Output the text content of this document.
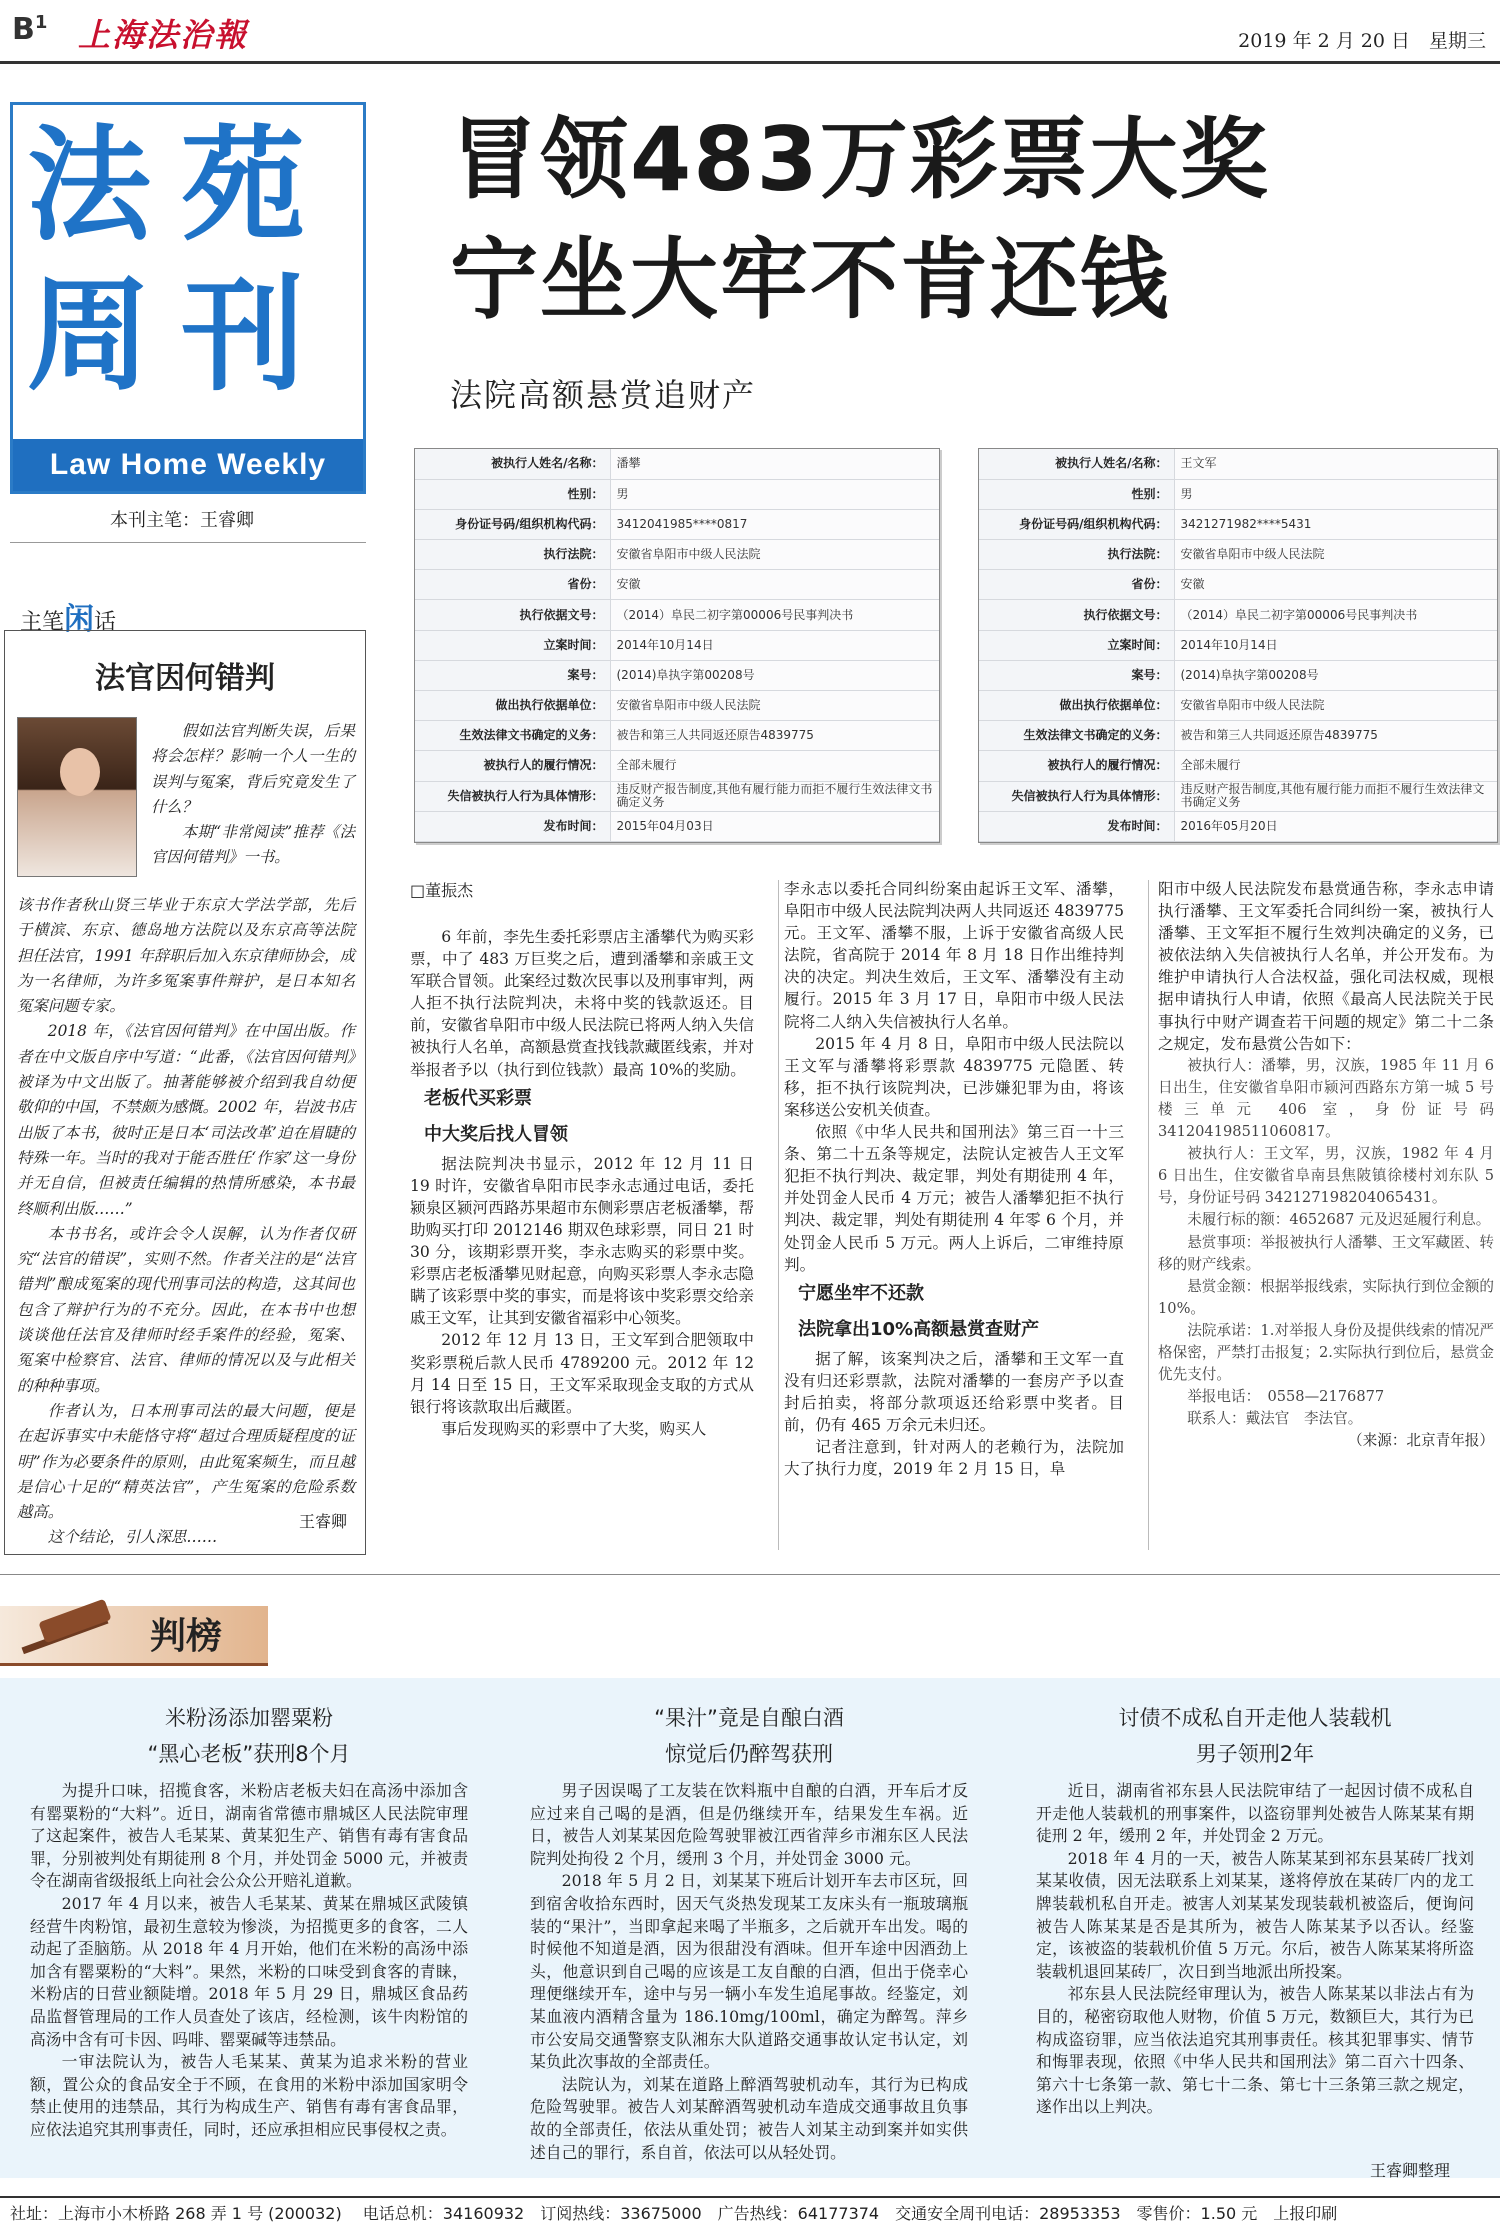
$B^1$ 上海法治報	2019 年 2 月 20 日　星期三
法苑周刊
Law Home Weekly
本刊主笔：王睿卿
冒领483万彩票大奖
宁坐大牢不肯还钱
法院高额悬赏追财产
被执行人姓名/名称：	潘攀
性别：	男
身份证号码/组织机构代码：	3412041985****0817
执行法院：	安徽省阜阳市中级人民法院
省份：	安徽
执行依据文号：	（2014）阜民二初字第00006号民事判决书
立案时间：	2014年10月14日
案号：	(2014)阜执字第00208号
做出执行依据单位：	安徽省阜阳市中级人民法院
生效法律文书确定的义务：	被告和第三人共同返还原告4839775
被执行人的履行情况：	全部未履行
失信被执行人行为具体情形：	违反财产报告制度,其他有履行能力而拒不履行生效法律文书确定义务
发布时间：	2015年04月03日
被执行人姓名/名称：	王文军
性别：	男
身份证号码/组织机构代码：	3421271982****5431
执行法院：	安徽省阜阳市中级人民法院
省份：	安徽
执行依据文号：	（2014）阜民二初字第00006号民事判决书
立案时间：	2014年10月14日
案号：	(2014)阜执字第00208号
做出执行依据单位：	安徽省阜阳市中级人民法院
生效法律文书确定的义务：	被告和第三人共同返还原告4839775
被执行人的履行情况：	全部未履行
失信被执行人行为具体情形：	违反财产报告制度,其他有履行能力而拒不履行生效法律文书确定义务
发布时间：	2016年05月20日
主笔闲话
法官因何错判

假如法官判断失误，后果将会怎样？影响一个人一生的误判与冤案，背后究竟发生了什么？

本期“非常阅读”推荐《法官因何错判》一书。

该书作者秋山贤三毕业于东京大学法学部，先后于横滨、东京、德岛地方法院以及东京高等法院担任法官，1991 年辞职后加入东京律师协会，成为一名律师，为许多冤案事件辩护，是日本知名冤案问题专家。

2018 年，《法官因何错判》在中国出版。作者在中文版自序中写道：“此番，《法官因何错判》被译为中文出版了。抽著能够被介绍到我自幼便敬仰的中国，不禁颇为感慨。2002 年，岩波书店出版了本书，彼时正是日本‘司法改革’迫在眉睫的特殊一年。当时的我对于能否胜任‘作家’这一身份并无自信，但被责任编辑的热情所感染，本书最终顺利出版……”

本书书名，或许会令人误解，认为作者仅研究“法官的错误”，实则不然。作者关注的是“法官错判”酿成冤案的现代刑事司法的构造，这其间也包含了辩护行为的不充分。因此，在本书中也想谈谈他任法官及律师时经手案件的经验，冤案、冤案中检察官、法官、律师的情况以及与此相关的种种事项。

作者认为，日本刑事司法的最大问题，便是在起诉事实中未能恪守将“超过合理质疑程度的证明”作为必要条件的原则，由此冤案频生，而且越是信心十足的“精英法官”，产生冤案的危险系数越高。

这个结论，引人深思……

王睿卿
□董振杰

6 年前，李先生委托彩票店主潘攀代为购买彩票，中了 483 万巨奖之后，遭到潘攀和亲戚王文军联合冒领。此案经过数次民事以及刑事审判，两人拒不执行法院判决，未将中奖的钱款返还。目前，安徽省阜阳市中级人民法院已将两人纳入失信被执行人名单，高额悬赏查找钱款藏匿线索，并对举报者予以（执行到位钱款）最高 10%的奖励。

老板代买彩票
中大奖后找人冒领

据法院判决书显示，2012 年 12 月 11 日 19 时许，安徽省阜阳市民李永志通过电话，委托颍泉区颍河西路苏果超市东侧彩票店老板潘攀，帮助购买打印 2012146 期双色球彩票，同日 21 时 30 分，该期彩票开奖，李永志购买的彩票中奖。彩票店老板潘攀见财起意，向购买彩票人李永志隐瞒了该彩票中奖的事实，而是将该中奖彩票交给亲戚王文军，让其到安徽省福彩中心领奖。

2012 年 12 月 13 日，王文军到合肥领取中奖彩票税后款人民币 4789200 元。2012 年 12 月 14 日至 15 日，王文军采取现金支取的方式从银行将该款取出后藏匿。

事后发现购买的彩票中了大奖，购买人

李永志以委托合同纠纷案由起诉王文军、潘攀，阜阳市中级人民法院判决两人共同返还 4839775 元。王文军、潘攀不服，上诉于安徽省高级人民法院，省高院于 2014 年 8 月 18 日作出维持判决的决定。判决生效后，王文军、潘攀没有主动履行。2015 年 3 月 17 日，阜阳市中级人民法院将二人纳入失信被执行人名单。

2015 年 4 月 8 日，阜阳市中级人民法院以王文军与潘攀将彩票款 4839775 元隐匿、转移，拒不执行该院判决，已涉嫌犯罪为由，将该案移送公安机关侦查。

依照《中华人民共和国刑法》第三百一十三条、第二十五条等规定，法院认定被告人王文军犯拒不执行判决、裁定罪，判处有期徒刑 4 年，并处罚金人民币 4 万元；被告人潘攀犯拒不执行判决、裁定罪，判处有期徒刑 4 年零 6 个月，并处罚金人民币 5 万元。两人上诉后，二审维持原判。

宁愿坐牢不还款
法院拿出10%高额悬赏查财产

据了解，该案判决之后，潘攀和王文军一直没有归还彩票款，法院对潘攀的一套房产予以查封后拍卖，将部分款项返还给彩票中奖者。目前，仍有 465 万余元未归还。

记者注意到，针对两人的老赖行为，法院加大了执行力度，2019 年 2 月 15 日，阜

阳市中级人民法院发布悬赏通告称，李永志申请执行潘攀、王文军委托合同纠纷一案，被执行人潘攀、王文军拒不履行生效判决确定的义务，已被依法纳入失信被执行人名单，并公开发布。为维护申请执行人合法权益，强化司法权威，现根据申请执行人申请，依照《最高人民法院关于民事执行中财产调查若干问题的规定》第二十二条之规定，发布悬赏公告如下：

被执行人：潘攀，男，汉族，1985 年 11 月 6 日出生，住安徽省阜阳市颍河西路东方第一城 5 号楼三单元 406 室，身份证号码 341204198511060817。

被执行人：王文军，男，汉族，1982 年 4 月 6 日出生，住安徽省阜南县焦陂镇徐楼村刘东队 5 号，身份证号码 342127198204065431。

未履行标的额：4652687 元及迟延履行利息。

悬赏事项：举报被执行人潘攀、王文军藏匿、转移的财产线索。

悬赏金额：根据举报线索，实际执行到位金额的 10%。

法院承诺：1.对举报人身份及提供线索的情况严格保密，严禁打击报复；2.实际执行到位后，悬赏金优先支付。

举报电话：　0558—2176877

联系人：戴法官　李法官。

（来源：北京青年报）
判榜
米粉汤添加罂粟粉
“黑心老板”获刑8个月
“果汁”竟是自酿白酒
惊觉后仍醉驾获刑
讨债不成私自开走他人装载机
男子领刑2年

为提升口味，招揽食客，米粉店老板夫妇在高汤中添加含有罂粟粉的“大料”。近日，湖南省常德市鼎城区人民法院审理了这起案件，被告人毛某某、黄某犯生产、销售有毒有害食品罪，分别被判处有期徒刑 8 个月，并处罚金 5000 元，并被责令在湖南省级报纸上向社会公众公开赔礼道歉。

2017 年 4 月以来，被告人毛某某、黄某在鼎城区武陵镇经营牛肉粉馆，最初生意较为惨淡，为招揽更多的食客，二人动起了歪脑筋。从 2018 年 4 月开始，他们在米粉的高汤中添加含有罂粟粉的“大料”。果然，米粉的口味受到食客的青睐，米粉店的日营业额陡增。2018 年 5 月 29 日，鼎城区食品药品监督管理局的工作人员查处了该店，经检测，该牛肉粉馆的高汤中含有可卡因、吗啡、罂粟碱等违禁品。

一审法院认为，被告人毛某某、黄某为追求米粉的营业额，置公众的食品安全于不顾，在食用的米粉中添加国家明令禁止使用的违禁品，其行为构成生产、销售有毒有害食品罪，应依法追究其刑事责任，同时，还应承担相应民事侵权之责。

男子因误喝了工友装在饮料瓶中自酿的白酒，开车后才反应过来自己喝的是酒，但是仍继续开车，结果发生车祸。近日，被告人刘某某因危险驾驶罪被江西省萍乡市湘东区人民法院判处拘役 2 个月，缓刑 3 个月，并处罚金 3000 元。

2018 年 5 月 2 日，刘某某下班后计划开车去市区玩，回到宿舍收拾东西时，因天气炎热发现某工友床头有一瓶玻璃瓶装的“果汁”，当即拿起来喝了半瓶多，之后就开车出发。喝的时候他不知道是酒，因为很甜没有酒味。但开车途中因酒劲上头，他意识到自己喝的应该是工友自酿的白酒，但出于侥幸心理便继续开车，途中与另一辆小车发生追尾事故。经鉴定，刘某血液内酒精含量为 186.10mg/100ml，确定为醉驾。萍乡市公安局交通警察支队湘东大队道路交通事故认定书认定，刘某负此次事故的全部责任。

法院认为，刘某在道路上醉酒驾驶机动车，其行为已构成危险驾驶罪。被告人刘某醉酒驾驶机动车造成交通事故且负事故的全部责任，依法从重处罚；被告人刘某主动到案并如实供述自己的罪行，系自首，依法可以从轻处罚。

近日，湖南省祁东县人民法院审结了一起因讨债不成私自开走他人装载机的刑事案件，以盗窃罪判处被告人陈某某有期徒刑 2 年，缓刑 2 年，并处罚金 2 万元。

2018 年 4 月的一天，被告人陈某某到祁东县某砖厂找刘某某收债，因无法联系上刘某某，遂将停放在某砖厂内的龙工牌装载机私自开走。被害人刘某某发现装载机被盗后，便询问被告人陈某某是否是其所为，被告人陈某某予以否认。经鉴定，该被盗的装载机价值 5 万元。尔后，被告人陈某某将所盗装载机退回某砖厂，次日到当地派出所投案。

祁东县人民法院经审理认为，被告人陈某某以非法占有为目的，秘密窃取他人财物，价值 5 万元，数额巨大，其行为已构成盗窃罪，应当依法追究其刑事责任。核其犯罪事实、情节和悔罪表现，依照《中华人民共和国刑法》第二百六十四条、第六十七条第一款、第七十二条、第七十三条第三款之规定，遂作出以上判决。

王睿卿整理
社址：上海市小木桥路 268 弄 1 号 (200032)　 电话总机：34160932　订阅热线：33675000　广告热线：64177374　交通安全周刊电话：28953353　零售价：1.50 元　上报印刷
